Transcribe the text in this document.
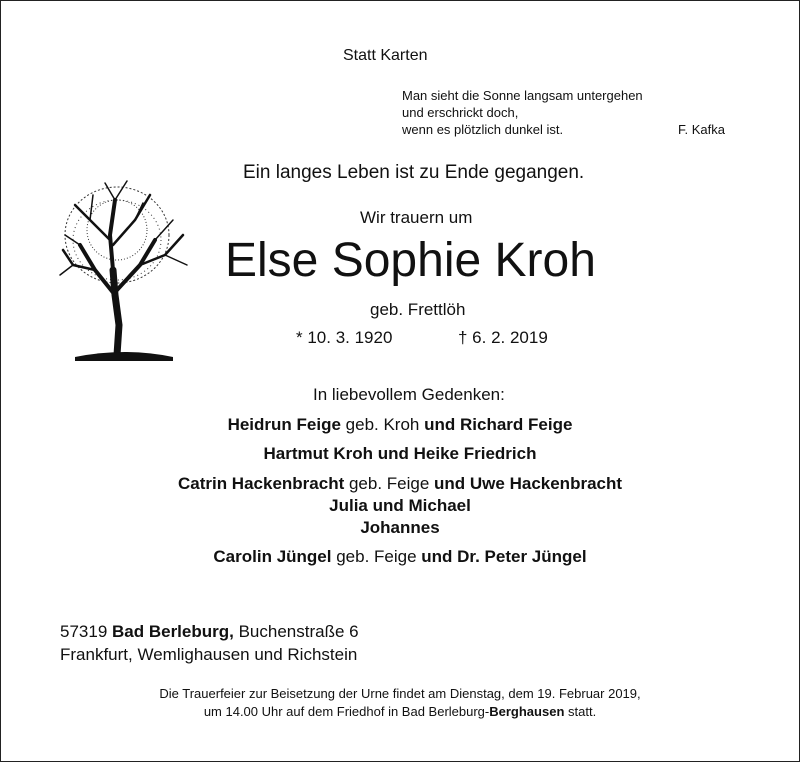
Statt Karten
Man sieht die Sonne langsam untergehen
und erschrickt doch,
wenn es plötzlich dunkel ist.	F. Kafka
Ein langes Leben ist zu Ende gegangen.
Wir trauern um
Else Sophie Kroh
geb. Frettlöh
* 10. 3. 1920	† 6. 2. 2019
In liebevollem Gedenken:
Heidrun Feige geb. Kroh und Richard Feige
Hartmut Kroh und Heike Friedrich
Catrin Hackenbracht geb. Feige und Uwe Hackenbracht
Julia und Michael
Johannes
Carolin Jüngel geb. Feige und Dr. Peter Jüngel
57319 Bad Berleburg, Buchenstraße 6
Frankfurt, Wemlighausen und Richstein
Die Trauerfeier zur Beisetzung der Urne findet am Dienstag, dem 19. Februar 2019,
um 14.00 Uhr auf dem Friedhof in Bad Berleburg-Berghausen statt.
